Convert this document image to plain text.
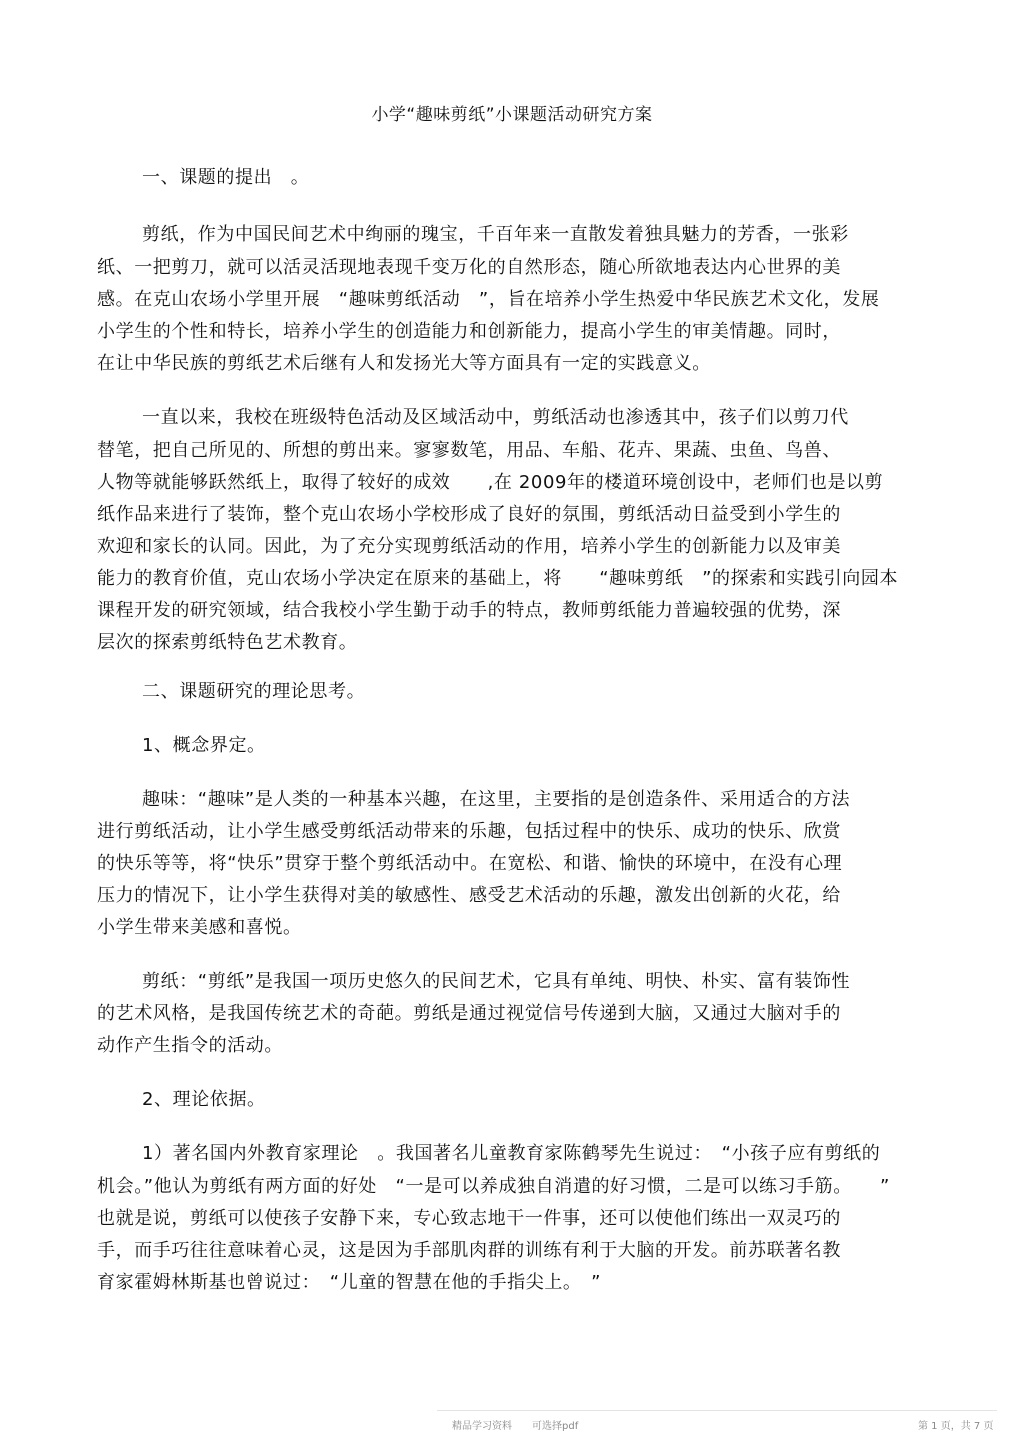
小学“趣味剪纸”小课题活动研究方案
一、课题的提出　。
剪纸，作为中国民间艺术中绚丽的瑰宝，千百年来一直散发着独具魅力的芳香，一张彩
纸、一把剪刀，就可以活灵活现地表现千变万化的自然形态，随心所欲地表达内心世界的美
感。在克山农场小学里开展　“趣味剪纸活动　”，旨在培养小学生热爱中华民族艺术文化，发展
小学生的个性和特长，培养小学生的创造能力和创新能力，提高小学生的审美情趣。同时，
在让中华民族的剪纸艺术后继有人和发扬光大等方面具有一定的实践意义。
一直以来，我校在班级特色活动及区域活动中，剪纸活动也渗透其中，孩子们以剪刀代
替笔，把自己所见的、所想的剪出来。寥寥数笔，用品、车船、花卉、果蔬、虫鱼、鸟兽、
人物等就能够跃然纸上，取得了较好的成效　　,在 2009年的楼道环境创设中，老师们也是以剪
纸作品来进行了装饰，整个克山农场小学校形成了良好的氛围，剪纸活动日益受到小学生的
欢迎和家长的认同。因此，为了充分实现剪纸活动的作用，培养小学生的创新能力以及审美
能力的教育价值，克山农场小学决定在原来的基础上，将　　“趣味剪纸　”的探索和实践引向园本
课程开发的研究领域，结合我校小学生勤于动手的特点，教师剪纸能力普遍较强的优势，深
层次的探索剪纸特色艺术教育。
二、课题研究的理论思考。
1、概念界定。
趣味：“趣味”是人类的一种基本兴趣，在这里，主要指的是创造条件、采用适合的方法
进行剪纸活动，让小学生感受剪纸活动带来的乐趣，包括过程中的快乐、成功的快乐、欣赏
的快乐等等，将“快乐”贯穿于整个剪纸活动中。在宽松、和谐、愉快的环境中，在没有心理
压力的情况下，让小学生获得对美的敏感性、感受艺术活动的乐趣，激发出创新的火花，给
小学生带来美感和喜悦。
剪纸：“剪纸”是我国一项历史悠久的民间艺术，它具有单纯、明快、朴实、富有装饰性
的艺术风格，是我国传统艺术的奇葩。剪纸是通过视觉信号传递到大脑，又通过大脑对手的
动作产生指令的活动。
2、理论依据。
1）著名国内外教育家理论　。我国著名儿童教育家陈鹤琴先生说过：　“小孩子应有剪纸的
机会。”他认为剪纸有两方面的好处　“一是可以养成独自消遣的好习惯，二是可以练习手筋。　　”
也就是说，剪纸可以使孩子安静下来，专心致志地干一件事，还可以使他们练出一双灵巧的
手，而手巧往往意味着心灵，这是因为手部肌肉群的训练有利于大脑的开发。前苏联著名教
育家霍姆林斯基也曾说过：　“儿童的智慧在他的手指尖上。　”
精品学习资料　　可选择pdf	第 1 页，共 7 页
